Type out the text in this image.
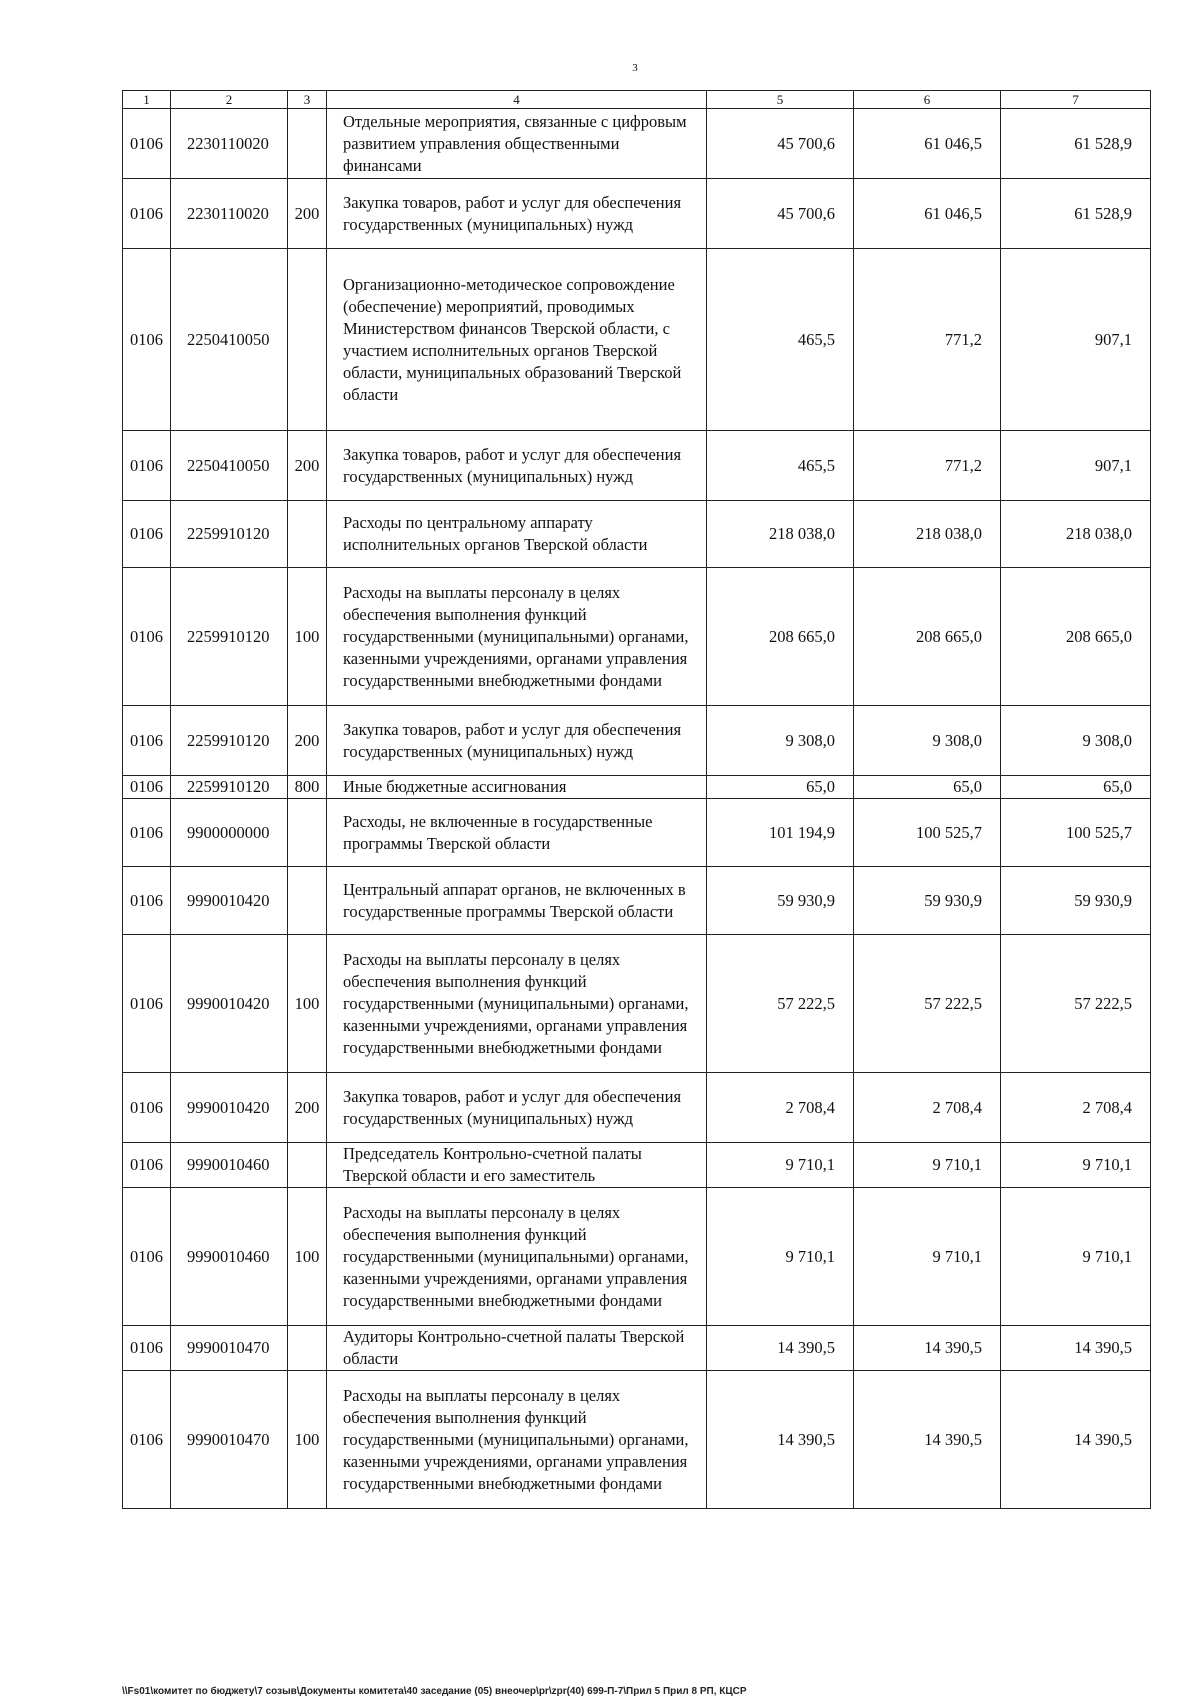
3
1	2	3	4	5	6	7
0106	2230110020		Отдельные мероприятия, связанные с цифровым развитием управления общественными финансами	45 700,6	61 046,5	61 528,9
0106	2230110020	200	Закупка товаров, работ и услуг для обеспечения государственных (муниципальных) нужд	45 700,6	61 046,5	61 528,9
0106	2250410050		Организационно-методическое сопровождение (обеспечение) мероприятий, проводимых Министерством финансов Тверской области, с участием исполнительных органов Тверской области, муниципальных образований Тверской области	465,5	771,2	907,1
0106	2250410050	200	Закупка товаров, работ и услуг для обеспечения государственных (муниципальных) нужд	465,5	771,2	907,1
0106	2259910120		Расходы по центральному аппарату исполнительных органов Тверской области	218 038,0	218 038,0	218 038,0
0106	2259910120	100	Расходы на выплаты персоналу в целях обеспечения выполнения функций государственными (муниципальными) органами, казенными учреждениями, органами управления государственными внебюджетными фондами	208 665,0	208 665,0	208 665,0
0106	2259910120	200	Закупка товаров, работ и услуг для обеспечения государственных (муниципальных) нужд	9 308,0	9 308,0	9 308,0
0106	2259910120	800	Иные бюджетные ассигнования	65,0	65,0	65,0
0106	9900000000		Расходы, не включенные в государственные программы Тверской области	101 194,9	100 525,7	100 525,7
0106	9990010420		Центральный аппарат органов, не включенных в государственные программы Тверской области	59 930,9	59 930,9	59 930,9
0106	9990010420	100	Расходы на выплаты персоналу в целях обеспечения выполнения функций государственными (муниципальными) органами, казенными учреждениями, органами управления государственными внебюджетными фондами	57 222,5	57 222,5	57 222,5
0106	9990010420	200	Закупка товаров, работ и услуг для обеспечения государственных (муниципальных) нужд	2 708,4	2 708,4	2 708,4
0106	9990010460		Председатель Контрольно-счетной палаты Тверской области и его заместитель	9 710,1	9 710,1	9 710,1
0106	9990010460	100	Расходы на выплаты персоналу в целях обеспечения выполнения функций государственными (муниципальными) органами, казенными учреждениями, органами управления государственными внебюджетными фондами	9 710,1	9 710,1	9 710,1
0106	9990010470		Аудиторы Контрольно-счетной палаты Тверской области	14 390,5	14 390,5	14 390,5
0106	9990010470	100	Расходы на выплаты персоналу в целях обеспечения выполнения функций государственными (муниципальными) органами, казенными учреждениями, органами управления государственными внебюджетными фондами	14 390,5	14 390,5	14 390,5
\\Fs01\комитет по бюджету\7 созыв\Документы комитета\40 заседание (05) внеочер\pr\zpr(40) 699-П-7\Прил 5 Прил 8 РП, КЦСР
